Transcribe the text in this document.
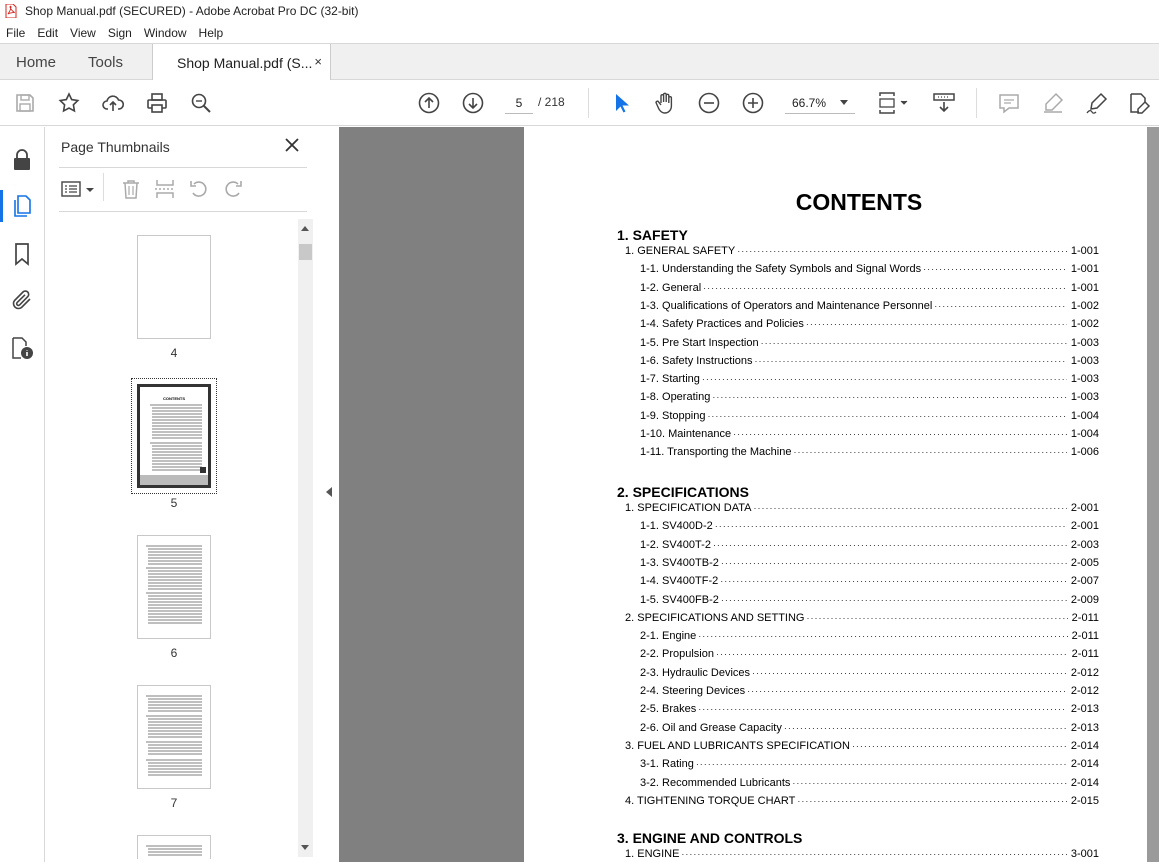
Shop Manual.pdf (SECURED) - Adobe Acrobat Pro DC (32-bit)
File	Edit	View	Sign	Window	Help
Home Tools	Shop Manual.pdf (S... ×
5	/ 218	66.7%
Page Thumbnails
4
CONTENTS
5
6
7
CONTENTS
1. SAFETY
1. GENERAL SAFETY ·····	1-001
1-1. Understanding the Safety Symbols and Signal Words ·····	1-001
1-2. General ·····	1-001
1-3. Qualifications of Operators and Maintenance Personnel ·····	1-002
1-4. Safety Practices and Policies ·····	1-002
1-5. Pre Start Inspection ·····	1-003
1-6. Safety Instructions ·····	1-003
1-7. Starting ·····	1-003
1-8. Operating ·····	1-003
1-9. Stopping ·····	1-004
1-10. Maintenance ·····	1-004
1-11. Transporting the Machine ·····	1-006
2. SPECIFICATIONS
1. SPECIFICATION DATA ·····	2-001
1-1. SV400D-2 ·····	2-001
1-2. SV400T-2 ·····	2-003
1-3. SV400TB-2 ·····	2-005
1-4. SV400TF-2 ·····	2-007
1-5. SV400FB-2 ·····	2-009
2. SPECIFICATIONS AND SETTING ·····	2-011
2-1. Engine ·····	2-011
2-2. Propulsion ·····	2-011
2-3. Hydraulic Devices ·····	2-012
2-4. Steering Devices ·····	2-012
2-5. Brakes ·····	2-013
2-6. Oil and Grease Capacity ·····	2-013
3. FUEL AND LUBRICANTS SPECIFICATION ·····	2-014
3-1. Rating ·····	2-014
3-2. Recommended Lubricants ·····	2-014
4. TIGHTENING TORQUE CHART ·····	2-015
3. ENGINE AND CONTROLS
1. ENGINE ·····	3-001
